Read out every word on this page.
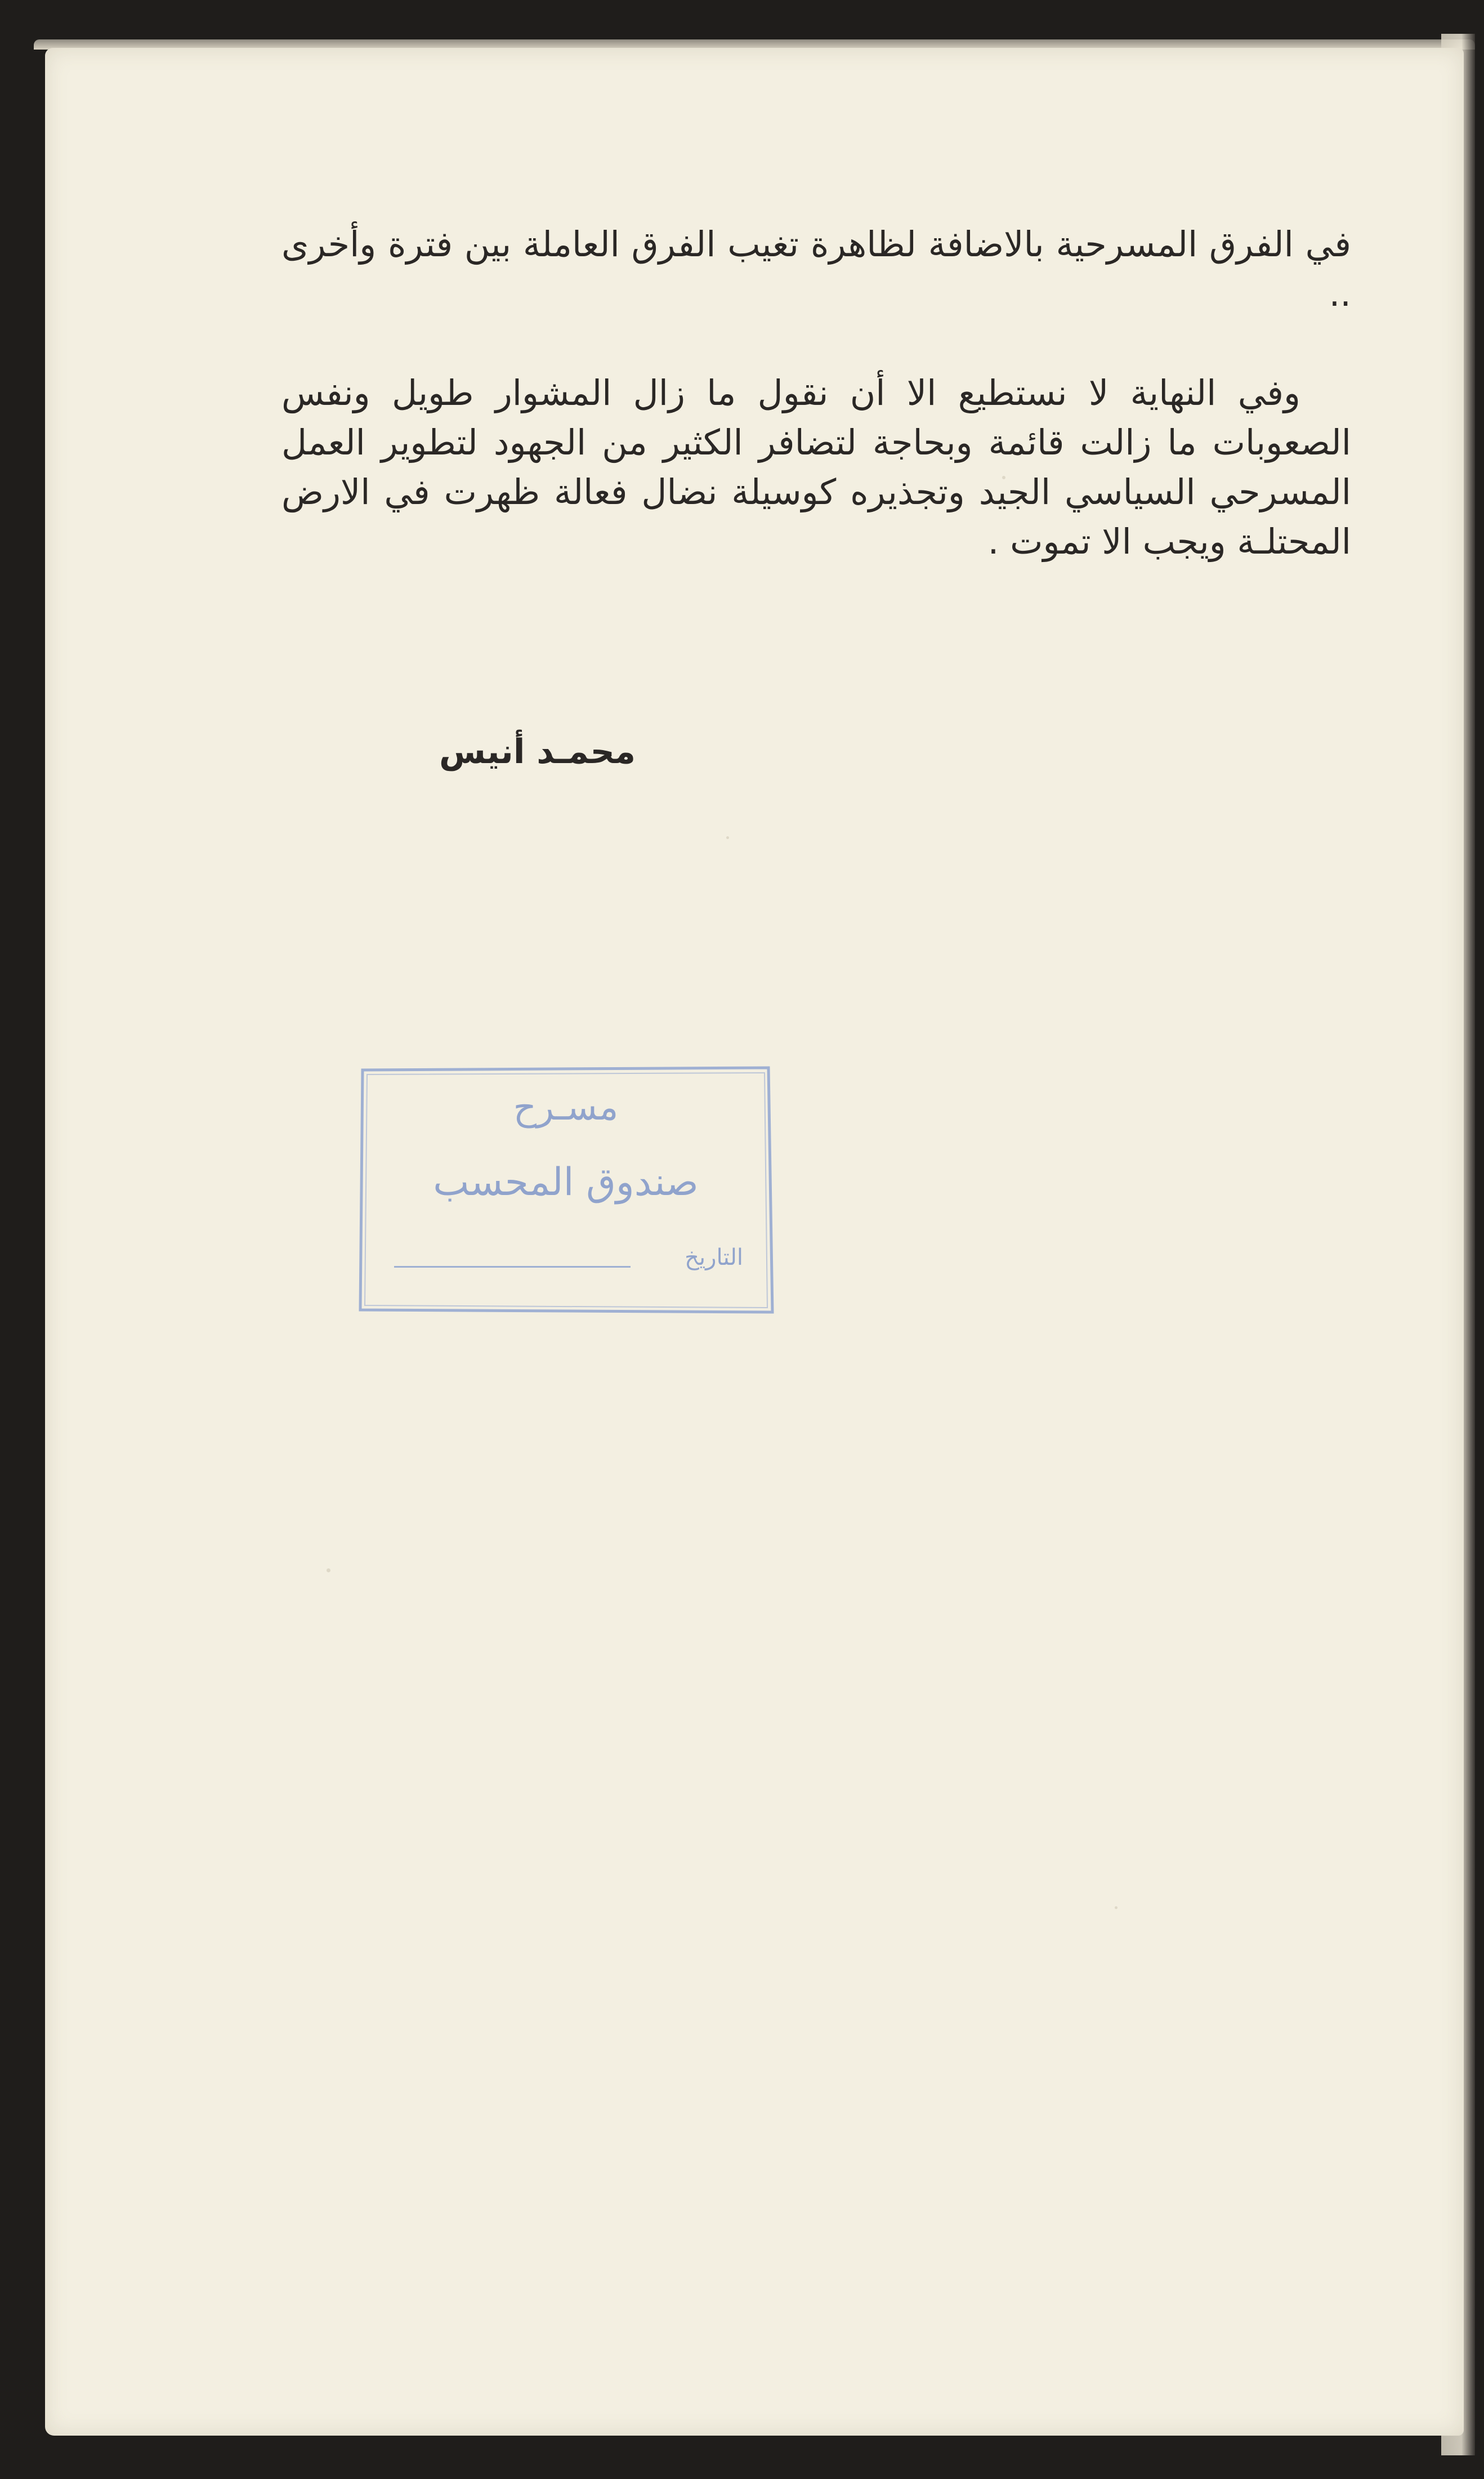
في الفرق المسرحية بالاضافة لظاهرة تغيب الفرق العاملة بين فترة وأخرى ..

وفي النهاية لا نستطيع الا أن نقول ما زال المشوار طويل ونفس الصعوبات ما زالت قائمة وبحاجة لتضافر الكثير من الجهود لتطوير العمل المسرحي السياسي الجيد وتجذيره كوسيلة نضال فعالة ظهرت في الارض المحتلـة ويجب الا تموت .

محمـد أنيس
مسـرح
صندوق المحسب
التاريخ
